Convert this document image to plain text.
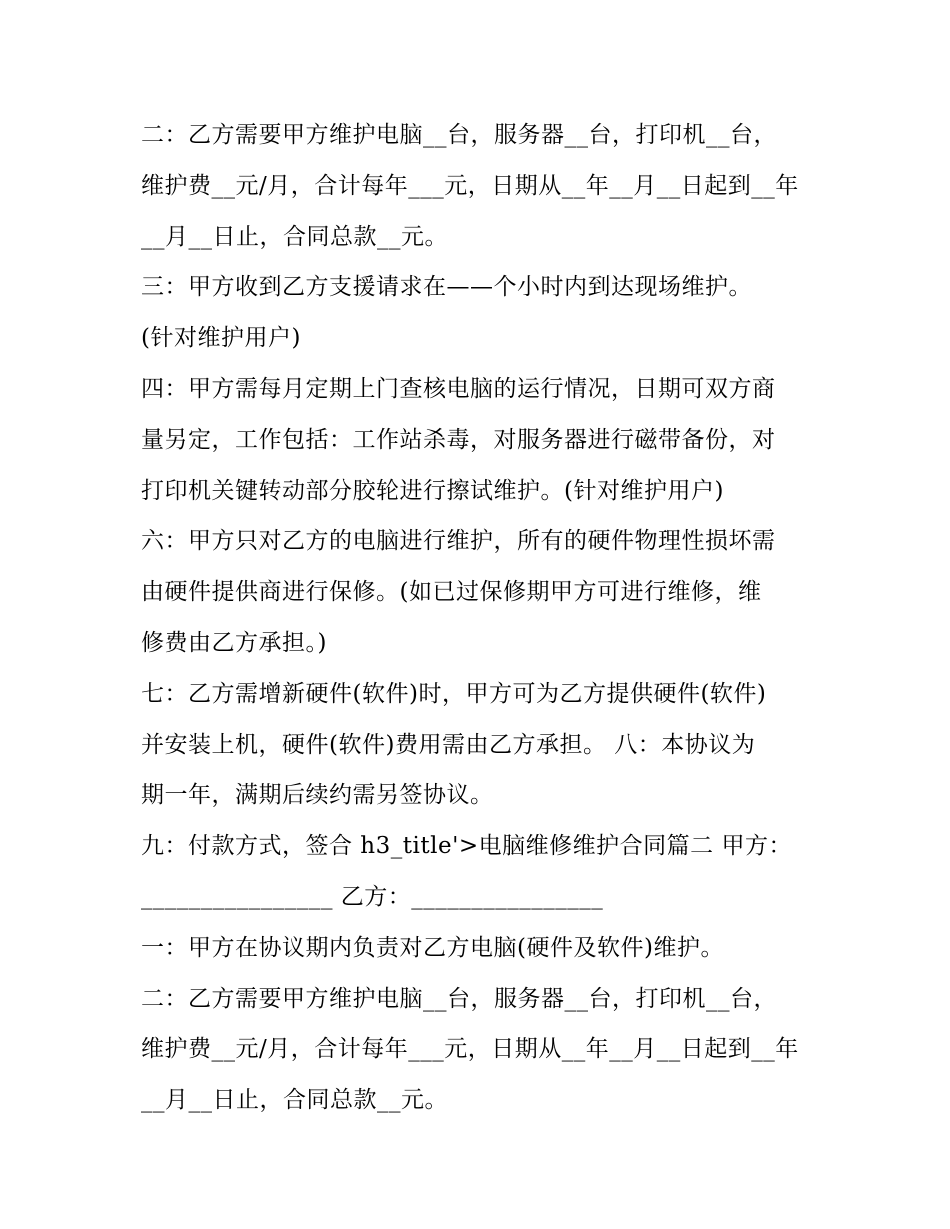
二：乙方需要甲方维护电脑__台，服务器__台，打印机__台，
维护费__元/月，合计每年___元，日期从__年__月__日起到__年
__月__日止，合同总款__元。
三：甲方收到乙方支援请求在——个小时内到达现场维护。
(针对维护用户)
四：甲方需每月定期上门查核电脑的运行情况，日期可双方商
量另定，工作包括：工作站杀毒，对服务器进行磁带备份，对
打印机关键转动部分胶轮进行擦试维护。(针对维护用户)
六：甲方只对乙方的电脑进行维护，所有的硬件物理性损坏需
由硬件提供商进行保修。(如已过保修期甲方可进行维修，维
修费由乙方承担。)
七：乙方需增新硬件(软件)时，甲方可为乙方提供硬件(软件)
并安装上机，硬件(软件)费用需由乙方承担。 八：本协议为
期一年，满期后续约需另签协议。
九：付款方式，签合 h3_title'>电脑维修维护合同篇二 甲方：
________________ 乙方：________________
一：甲方在协议期内负责对乙方电脑(硬件及软件)维护。
二：乙方需要甲方维护电脑__台，服务器__台，打印机__台，
维护费__元/月，合计每年___元，日期从__年__月__日起到__年
__月__日止，合同总款__元。
